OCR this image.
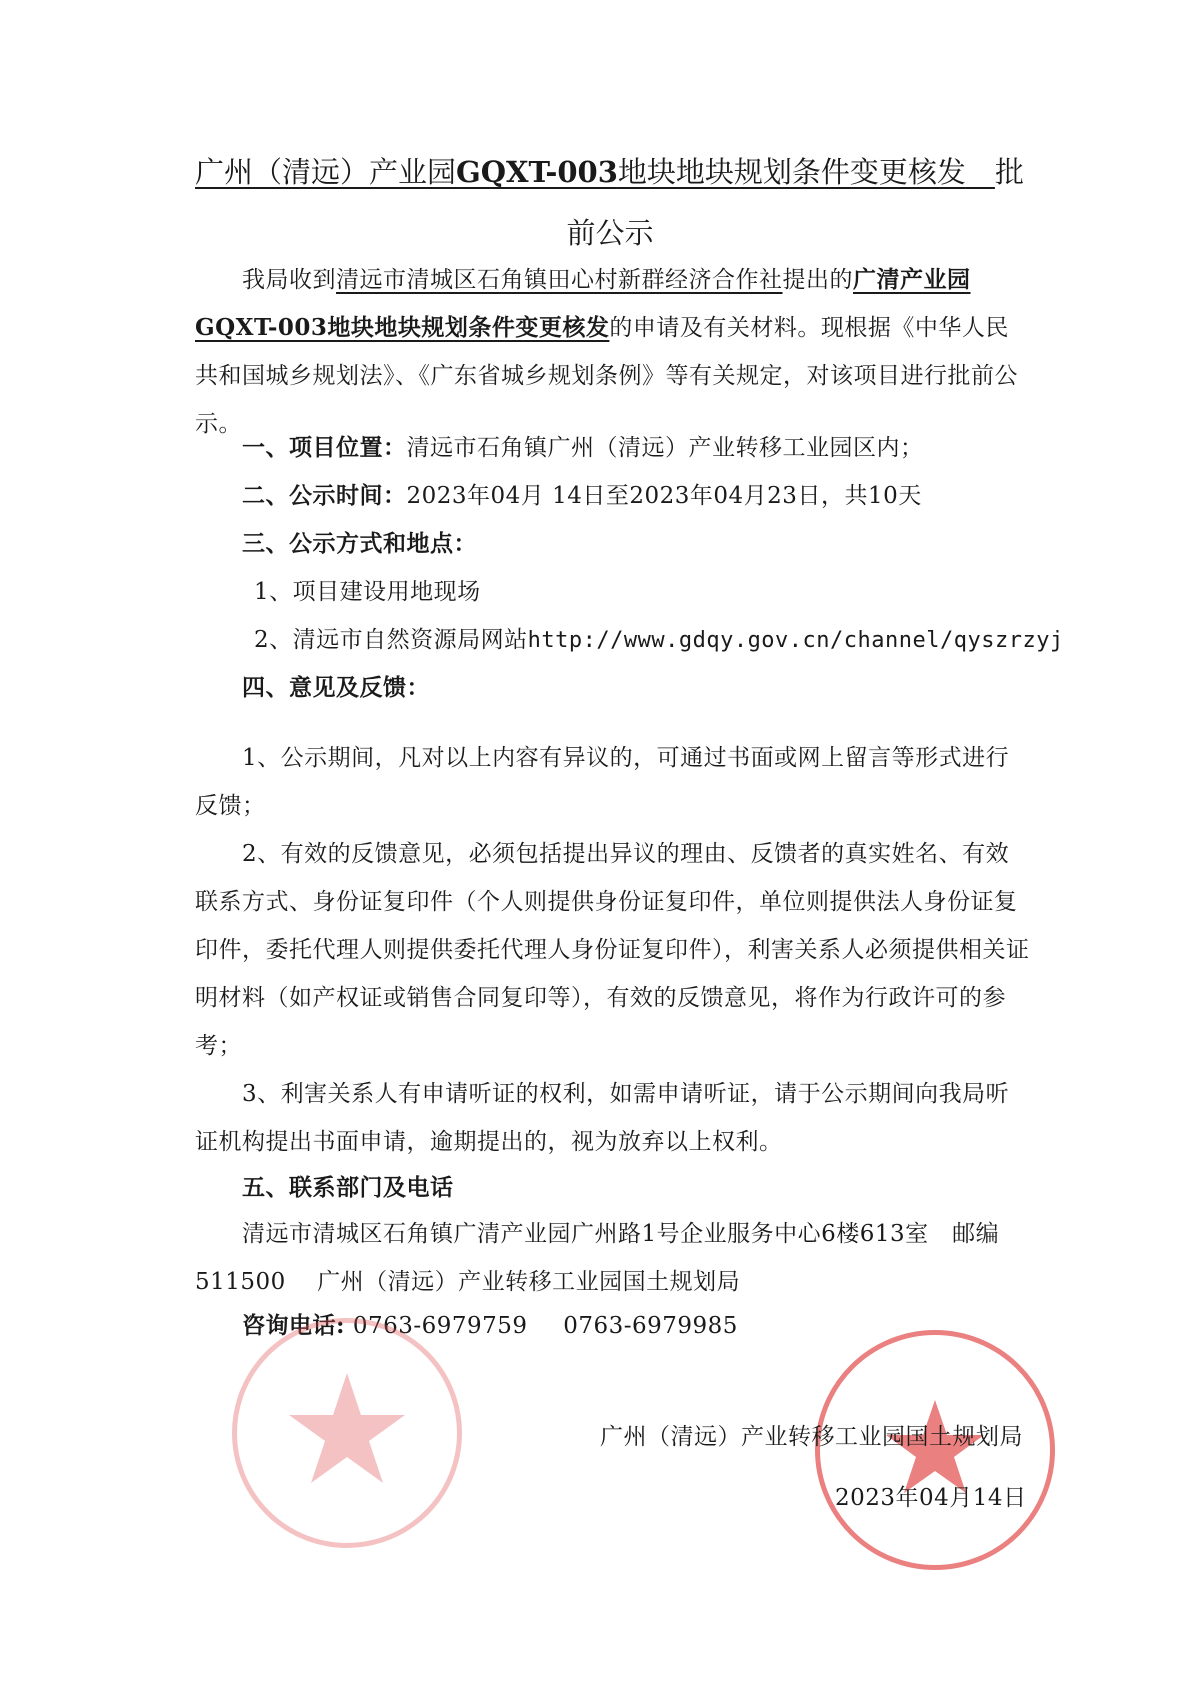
广州（清远）产业园GQXT-003地块地块规划条件变更核发　 批
前公示
我局收到清远市清城区石角镇田心村新群经济合作社提出的广清产业园GQXT-003地块地块规划条件变更核发的申请及有关材料。现根据《中华人民共和国城乡规划法》、《广东省城乡规划条例》等有关规定，对该项目进行批前公示。
一、项目位置：清远市石角镇广州（清远）产业转移工业园区内；
二、公示时间：2023年04月 14日至2023年04月23日，共10天
三、公示方式和地点：
1、项目建设用地现场
2、清远市自然资源局网站http://www.gdqy.gov.cn/channel/qyszrzyj
四、意见及反馈：
1、公示期间，凡对以上内容有异议的，可通过书面或网上留言等形式进行反馈；
2、有效的反馈意见，必须包括提出异议的理由、反馈者的真实姓名、有效联系方式、身份证复印件（个人则提供身份证复印件，单位则提供法人身份证复印件，委托代理人则提供委托代理人身份证复印件），利害关系人必须提供相关证明材料（如产权证或销售合同复印等），有效的反馈意见，将作为行政许可的参考；
3、利害关系人有申请听证的权利，如需申请听证，请于公示期间向我局听证机构提出书面申请，逾期提出的，视为放弃以上权利。
五、联系部门及电话
清远市清城区石角镇广清产业园广州路1号企业服务中心6楼613室　邮编511500　 广州（清远）产业转移工业园国土规划局
咨询电话: 0763-6979759 0763-6979985
广州（清远）产业转移工业园国土规划局
2023年04月14日
